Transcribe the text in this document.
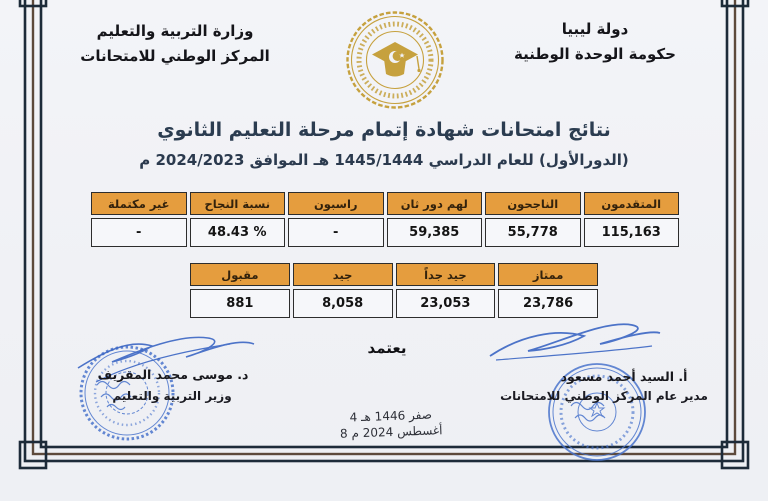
دولة ليبيا
حكومة الوحدة الوطنية
وزارة التربية والتعليم
المركز الوطني للامتحانات
نتائج امتحانات شهادة إتمام مرحلة التعليم الثانوي
(الدورالأول) للعام الدراسي 1445/1444 هـ الموافق 2024/2023 م
المتقدمون	الناجحون	لهم دور ثان	راسبون	نسبة النجاح	غير مكتملة
115,163	55,778	59,385	-	% 48.43	-
ممتاز	جيد جداً	جيد	مقبول
23,786	23,053	8,058	881
يعتمد
4 صفر 1446 هـ
8 أغسطس 2024 م
د. موسى محمد المقريف
وزير التربية والتعليم
أ. السيد أحمد مسعود
مدير عام المركز الوطني للامتحانات
